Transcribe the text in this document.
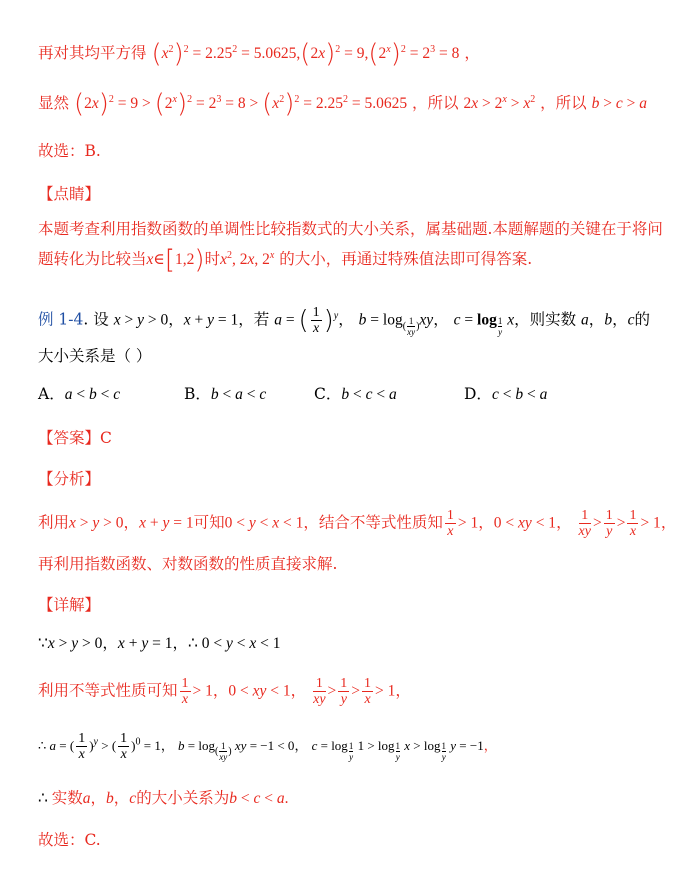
再对其均平方得 $(x^2)^2 = 2.25^2 = 5.0625,(2x)^2 = 9,(2^x)^2 = 2^3 = 8$ ，
显然 $(2x)^2 = 9 > (2^x)^2 = 2^3 = 8 > (x^2)^2 = 2.25^2 = 5.0625$ ，所以 $2x > 2^x > x^2$ ，所以 b > c > a
故选：B.
【点睛】
本题考查利用指数函数的单调性比较指数式的大小关系，属基础题.本题解题的关键在于将问
题转化为比较当x∈[1,2)时$x^2$, 2x, 2$^x$ 的大小，再通过特殊值法即可得答案.
例 1-4. 设 x > y > 0，x + y = 1，若 a = ( $\frac{1}{x} )^y$， $b = \log_{( \frac{1}{xy} )}xy$， c = log $_{\frac{1}{y}}$ x，则实数 a，b，c的
大小关系是（ ）
A．a < b < c	B．b < a < c	C．b < c < a	D．c < b < a
【答案】C
【分析】
利用x > y > 0，x + y = 1可知0 < y < x < 1，结合不等式性质知 $\frac{1}{x} > 1$，0 < xy < 1， $\frac{1}{xy} > \frac{1}{y} > \frac{1}{x} > 1$，
再利用指数函数、对数函数的性质直接求解.
【详解】
∵x > y > 0，x + y = 1，∴ 0 < y < x < 1
利用不等式性质可知 $\frac{1}{x} > 1$，0 < xy < 1， $\frac{1}{xy} > \frac{1}{y} > \frac{1}{x} > 1$，
∴ a = ( $\frac{1}{x} )^y$ > ( $\frac{1}{x} )^0 = 1$， $b = \log_{( \frac{1}{xy} )}$ xy = −1 < 0， c = log $_{\frac{1}{y}}$ 1 > log $_{\frac{1}{y}}$ x > log $_{\frac{1}{y}}$ y = −1，
∴ 实数a，b，c的大小关系为b < c < a.
故选：C.
